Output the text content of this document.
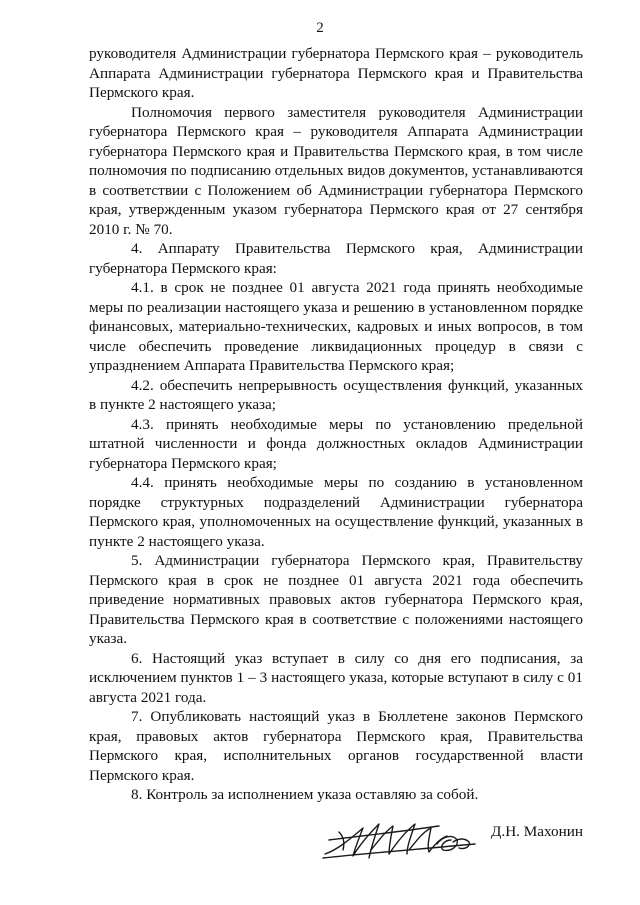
2

руководителя Администрации губернатора Пермского края – руководитель Аппарата Администрации губернатора Пермского края и Правительства Пермского края.

Полномочия первого заместителя руководителя Администрации губернатора Пермского края – руководителя Аппарата Администрации губернатора Пермского края и Правительства Пермского края, в том числе полномочия по подписанию отдельных видов документов, устанавливаются в соответствии с Положением об Администрации губернатора Пермского края, утвержденным указом губернатора Пермского края от 27 сентября 2010 г. № 70.

4. Аппарату Правительства Пермского края, Администрации губернатора Пермского края:

4.1. в срок не позднее 01 августа 2021 года принять необходимые меры по реализации настоящего указа и решению в установленном порядке финансовых, материально-технических, кадровых и иных вопросов, в том числе обеспечить проведение ликвидационных процедур в связи с упразднением Аппарата Правительства Пермского края;

4.2. обеспечить непрерывность осуществления функций, указанных в пункте 2 настоящего указа;

4.3. принять необходимые меры по установлению предельной штатной численности и фонда должностных окладов Администрации губернатора Пермского края;

4.4. принять необходимые меры по созданию в установленном порядке структурных подразделений Администрации губернатора Пермского края, уполномоченных на осуществление функций, указанных в пункте 2 настоящего указа.

5. Администрации губернатора Пермского края, Правительству Пермского края в срок не позднее 01 августа 2021 года обеспечить приведение нормативных правовых актов губернатора Пермского края, Правительства Пермского края в соответствие с положениями настоящего указа.

6. Настоящий указ вступает в силу со дня его подписания, за исключением пунктов 1 – 3 настоящего указа, которые вступают в силу с 01 августа 2021 года.

7. Опубликовать настоящий указ в Бюллетене законов Пермского края, правовых актов губернатора Пермского края, Правительства Пермского края, исполнительных органов государственной власти Пермского края.

8. Контроль за исполнением указа оставляю за собой.

Д.Н. Махонин
